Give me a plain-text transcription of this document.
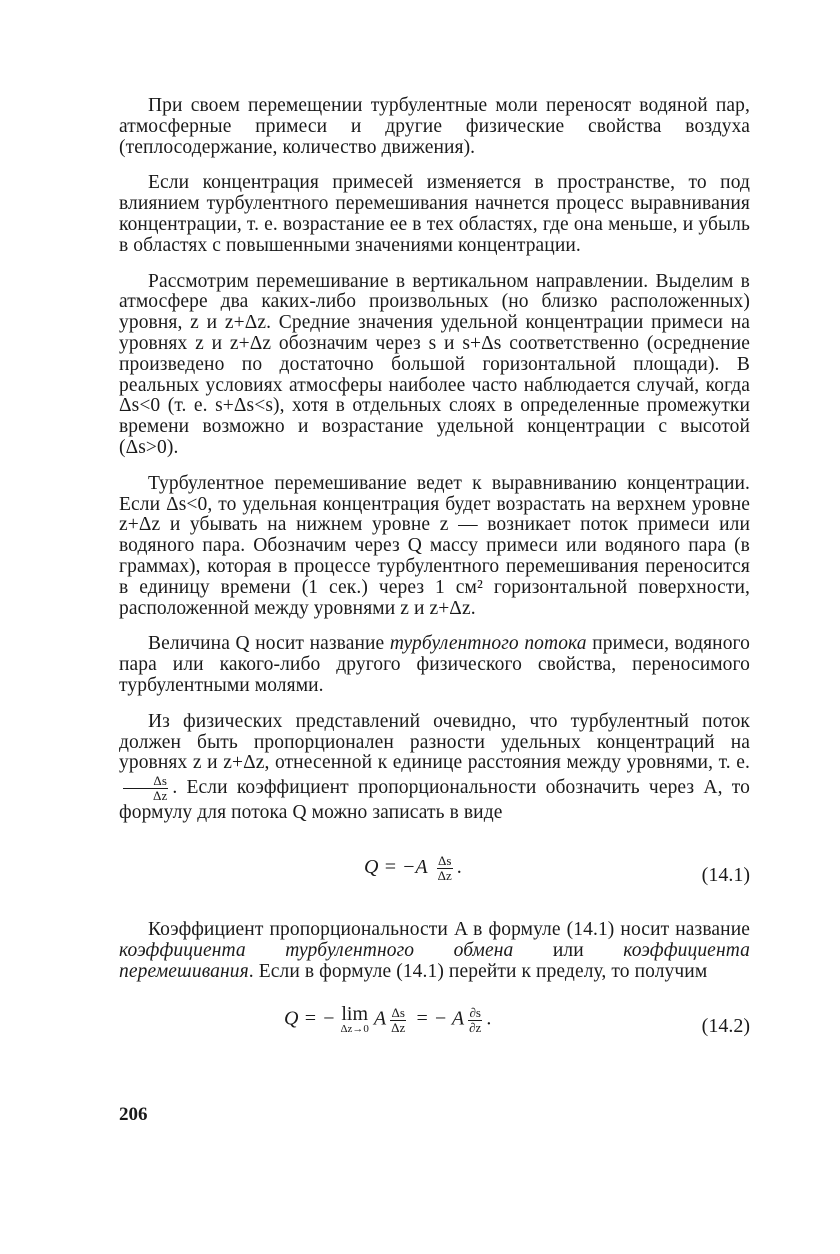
При своем перемещении турбулентные моли переносят водяной пар, атмосферные примеси и другие физические свойства воздуха (теплосодержание, количество движения).

Если концентрация примесей изменяется в пространстве, то под влиянием турбулентного перемешивания начнется процесс выравнивания концентрации, т. е. возрастание ее в тех областях, где она меньше, и убыль в областях с повышенными значениями концентрации.

Рассмотрим перемешивание в вертикальном направлении. Выделим в атмосфере два каких-либо произвольных (но близко расположенных) уровня, z и z+Δz. Средние значения удельной концентрации примеси на уровнях z и z+Δz обозначим через s и s+Δs соответственно (осреднение произведено по достаточно большой горизонтальной площади). В реальных условиях атмосферы наиболее часто наблюдается случай, когда Δs<0 (т. е. s+Δs<s), хотя в отдельных слоях в определенные промежутки времени возможно и возрастание удельной концентрации с высотой (Δs>0).

Турбулентное перемешивание ведет к выравниванию концентрации. Если Δs<0, то удельная концентрация будет возрастать на верхнем уровне z+Δz и убывать на нижнем уровне z — возникает поток примеси или водяного пара. Обозначим через Q массу примеси или водяного пара (в граммах), которая в процессе турбулентного перемешивания переносится в единицу времени (1 сек.) через 1 см² горизонтальной поверхности, расположенной между уровнями z и z+Δz.

Величина Q носит название турбулентного потока примеси, водяного пара или какого-либо другого физического свойства, переносимого турбулентными молями.

Из физических представлений очевидно, что турбулентный поток должен быть пропорционален разности удельных концентраций на уровнях z и z+Δz, отнесенной к единице расстояния между уровнями, т. е.
$\frac{\Delta s}{\Delta z}$ . Если коэффициент пропорциональности обозначить через A, то формулу для потока Q можно записать в виде

$Q = -A \frac{\Delta s}{\Delta z}$ .	(14.1)

Коэффициент пропорциональности A в формуле (14.1) носит название коэффициента турбулентного обмена или коэффициента перемешивания. Если в формуле (14.1) перейти к пределу, то получим

Q = − lim
Δz→0 A $\frac{\Delta s}{\Delta z}$ = − A $\frac{\partial s}{\partial z}$ .	(14.2)
206
